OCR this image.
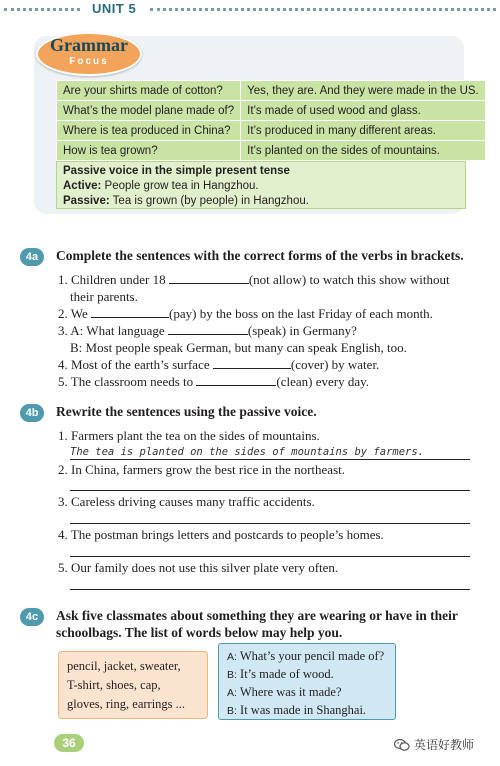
UNIT 5
Grammar
Focus
Are your shirts made of cotton?	Yes, they are. And they were made in the US.
What’s the model plane made of?	It’s made of used wood and glass.
Where is tea produced in China?	It’s produced in many different areas.
How is tea grown?	It’s planted on the sides of mountains.
Passive voice in the simple present tense
Active: People grow tea in Hangzhou.
Passive: Tea is grown (by people) in Hangzhou.
4a	Complete the sentences with the correct forms of the verbs in brackets.
1. Children under 18	(not allow) to watch this show without
their parents.
2. We	(pay) by the boss on the last Friday of each month.
3. A: What language	(speak) in Germany?
B: Most people speak German, but many can speak English, too.
4. Most of the earth’s surface	(cover) by water.
5. The classroom needs to	(clean) every day.
4b	Rewrite the sentences using the passive voice.
1. Farmers plant the tea on the sides of mountains.
The tea is planted on the sides of mountains by farmers.
2. In China, farmers grow the best rice in the northeast.
3. Careless driving causes many traffic accidents.
4. The postman brings letters and postcards to people’s homes.
5. Our family does not use this silver plate very often.
4c	Ask five classmates about something they are wearing or have in their
schoolbags. The list of words below may help you.
pencil, jacket, sweater,
T-shirt, shoes, cap,
gloves, ring, earrings ...
A: What’s your pencil made of?
B: It’s made of wood.
A: Where was it made?
B: It was made in Shanghai.
36	英语好教师
